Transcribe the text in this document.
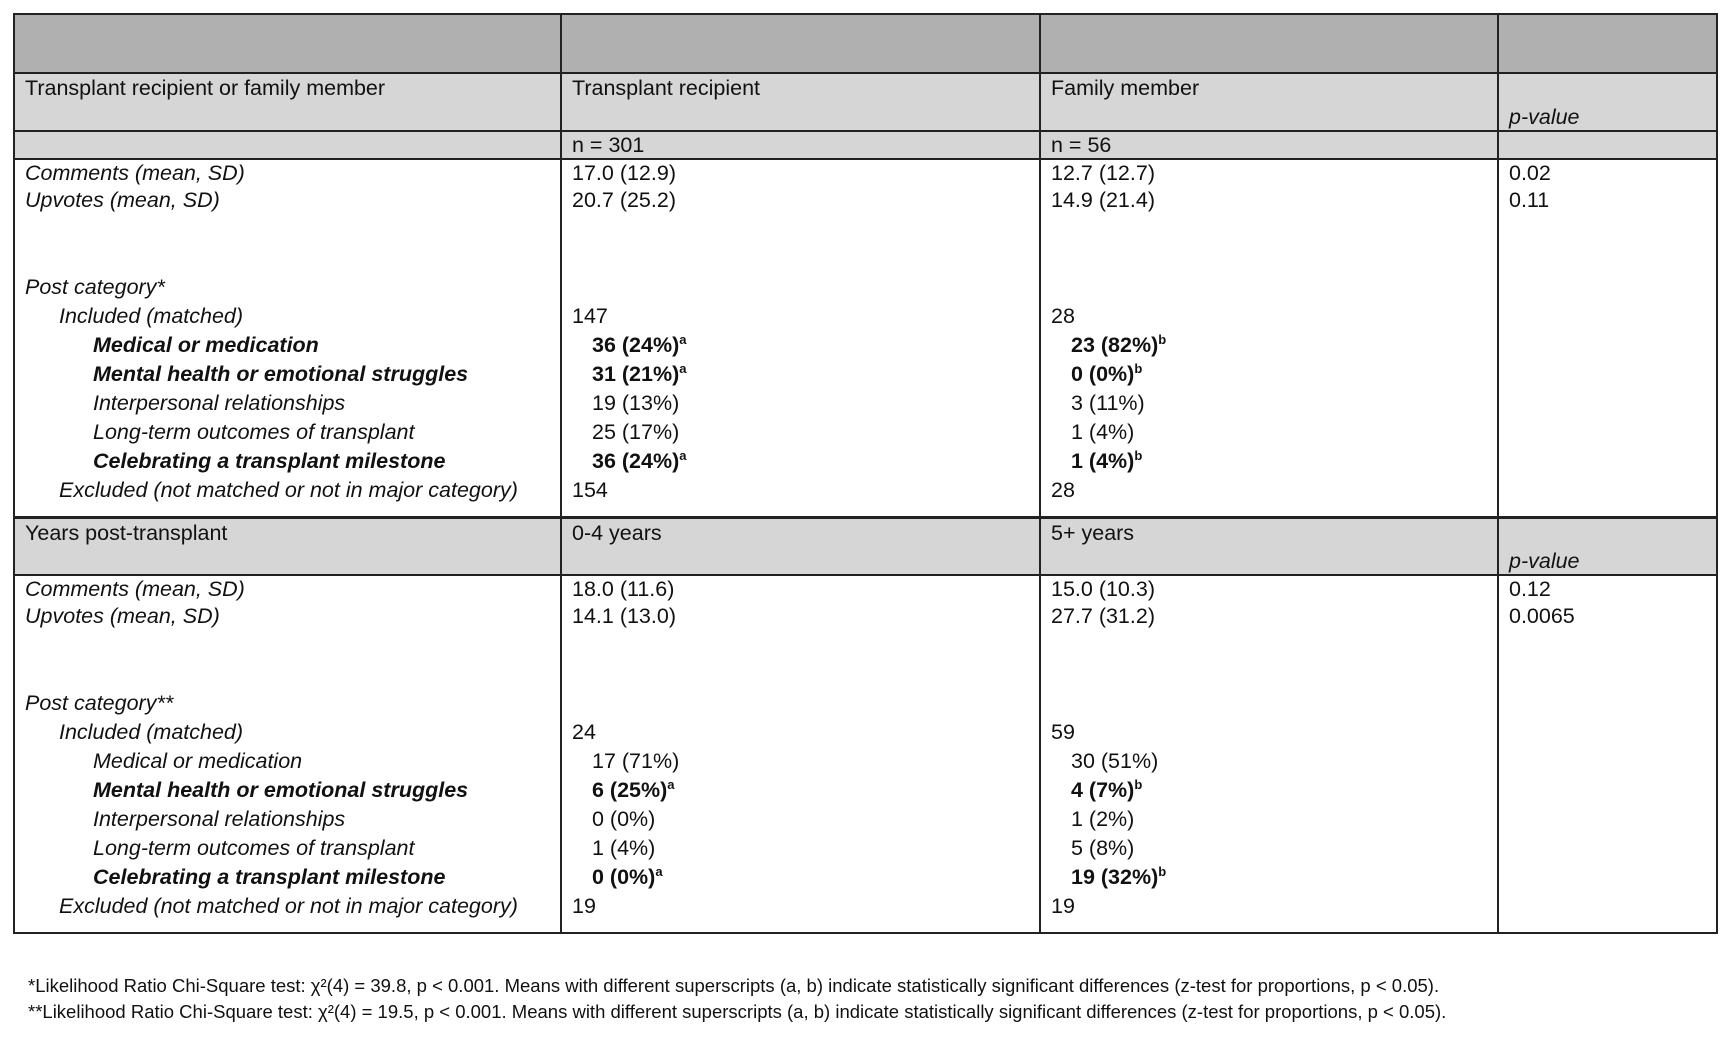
Transplant recipient or family member	Transplant recipient	Family member	p-value
	n = 301	n = 56	
Comments (mean, SD)	17.0 (12.9)	12.7 (12.7)	0.02
Upvotes (mean, SD)	20.7 (25.2)	14.9 (21.4)	0.11

Post category*			
Included (matched)	147	28	
Medical or medication	36 $(24\%)^a$	23 $(82\%)^b$	
Mental health or emotional struggles	31 $(21\%)^a$	0 $(0\%)^b$	
Interpersonal relationships	19 (13%)	3 (11%)	
Long-term outcomes of transplant	25 (17%)	1 (4%)	
Celebrating a transplant milestone	36 $(24\%)^a$	1 $(4\%)^b$	
Excluded (not matched or not in major category)	154	28	
Years post-transplant	0-4 years	5+ years	p-value
Comments (mean, SD)	18.0 (11.6)	15.0 (10.3)	0.12
Upvotes (mean, SD)	14.1 (13.0)	27.7 (31.2)	0.0065

Post category**			
Included (matched)	24	59	
Medical or medication	17 (71%)	30 (51%)	
Mental health or emotional struggles	6 $(25\%)^a$	4 $(7\%)^b$	
Interpersonal relationships	0 (0%)	1 (2%)	
Long-term outcomes of transplant	1 (4%)	5 (8%)	
Celebrating a transplant milestone	0 $(0\%)^a$	19 $(32\%)^b$	
Excluded (not matched or not in major category)	19	19	
*Likelihood Ratio Chi-Square test: χ²(4) = 39.8, p < 0.001. Means with different superscripts (a, b) indicate statistically significant differences (z-test for proportions, p < 0.05).
**Likelihood Ratio Chi-Square test: χ²(4) = 19.5, p < 0.001. Means with different superscripts (a, b) indicate statistically significant differences (z-test for proportions, p < 0.05).
